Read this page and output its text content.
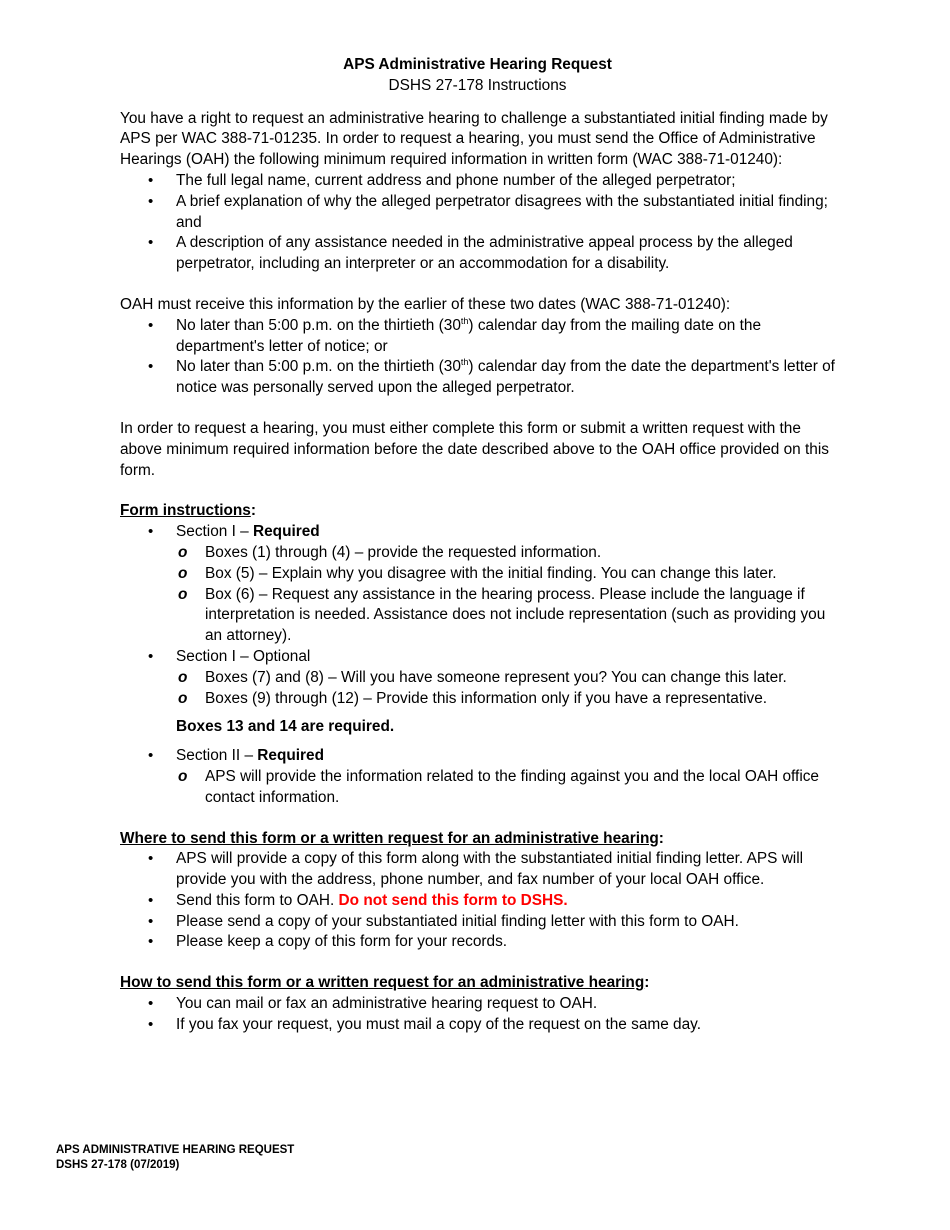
APS Administrative Hearing Request

DSHS 27-178 Instructions

You have a right to request an administrative hearing to challenge a substantiated initial finding made by APS per WAC 388-71-01235. In order to request a hearing, you must send the Office of Administrative Hearings (OAH) the following minimum required information in written form (WAC 388-71-01240):

• The full legal name, current address and phone number of the alleged perpetrator;
• A brief explanation of why the alleged perpetrator disagrees with the substantiated initial finding; and
• A description of any assistance needed in the administrative appeal process by the alleged perpetrator, including an interpreter or an accommodation for a disability.

OAH must receive this information by the earlier of these two dates (WAC 388-71-01240):

• No later than 5:00 p.m. on the thirtieth (30th) calendar day from the mailing date on the department's letter of notice; or
• No later than 5:00 p.m. on the thirtieth (30th) calendar day from the date the department's letter of notice was personally served upon the alleged perpetrator.

In order to request a hearing, you must either complete this form or submit a written request with the above minimum required information before the date described above to the OAH office provided on this form.

Form instructions:

• Section I – Required
o Boxes (1) through (4) – provide the requested information.
o Box (5) – Explain why you disagree with the initial finding. You can change this later.
o Box (6) – Request any assistance in the hearing process. Please include the language if interpretation is needed. Assistance does not include representation (such as providing you an attorney).
• Section I – Optional
o Boxes (7) and (8) – Will you have someone represent you? You can change this later.
o Boxes (9) through (12) – Provide this information only if you have a representative.

Boxes 13 and 14 are required.

• Section II – Required
o APS will provide the information related to the finding against you and the local OAH office contact information.

Where to send this form or a written request for an administrative hearing:

• APS will provide a copy of this form along with the substantiated initial finding letter. APS will provide you with the address, phone number, and fax number of your local OAH office.
• Send this form to OAH. Do not send this form to DSHS.
• Please send a copy of your substantiated initial finding letter with this form to OAH.
• Please keep a copy of this form for your records.

How to send this form or a written request for an administrative hearing:

• You can mail or fax an administrative hearing request to OAH.
• If you fax your request, you must mail a copy of the request on the same day.
APS ADMINISTRATIVE HEARING REQUEST
DSHS 27-178 (07/2019)
